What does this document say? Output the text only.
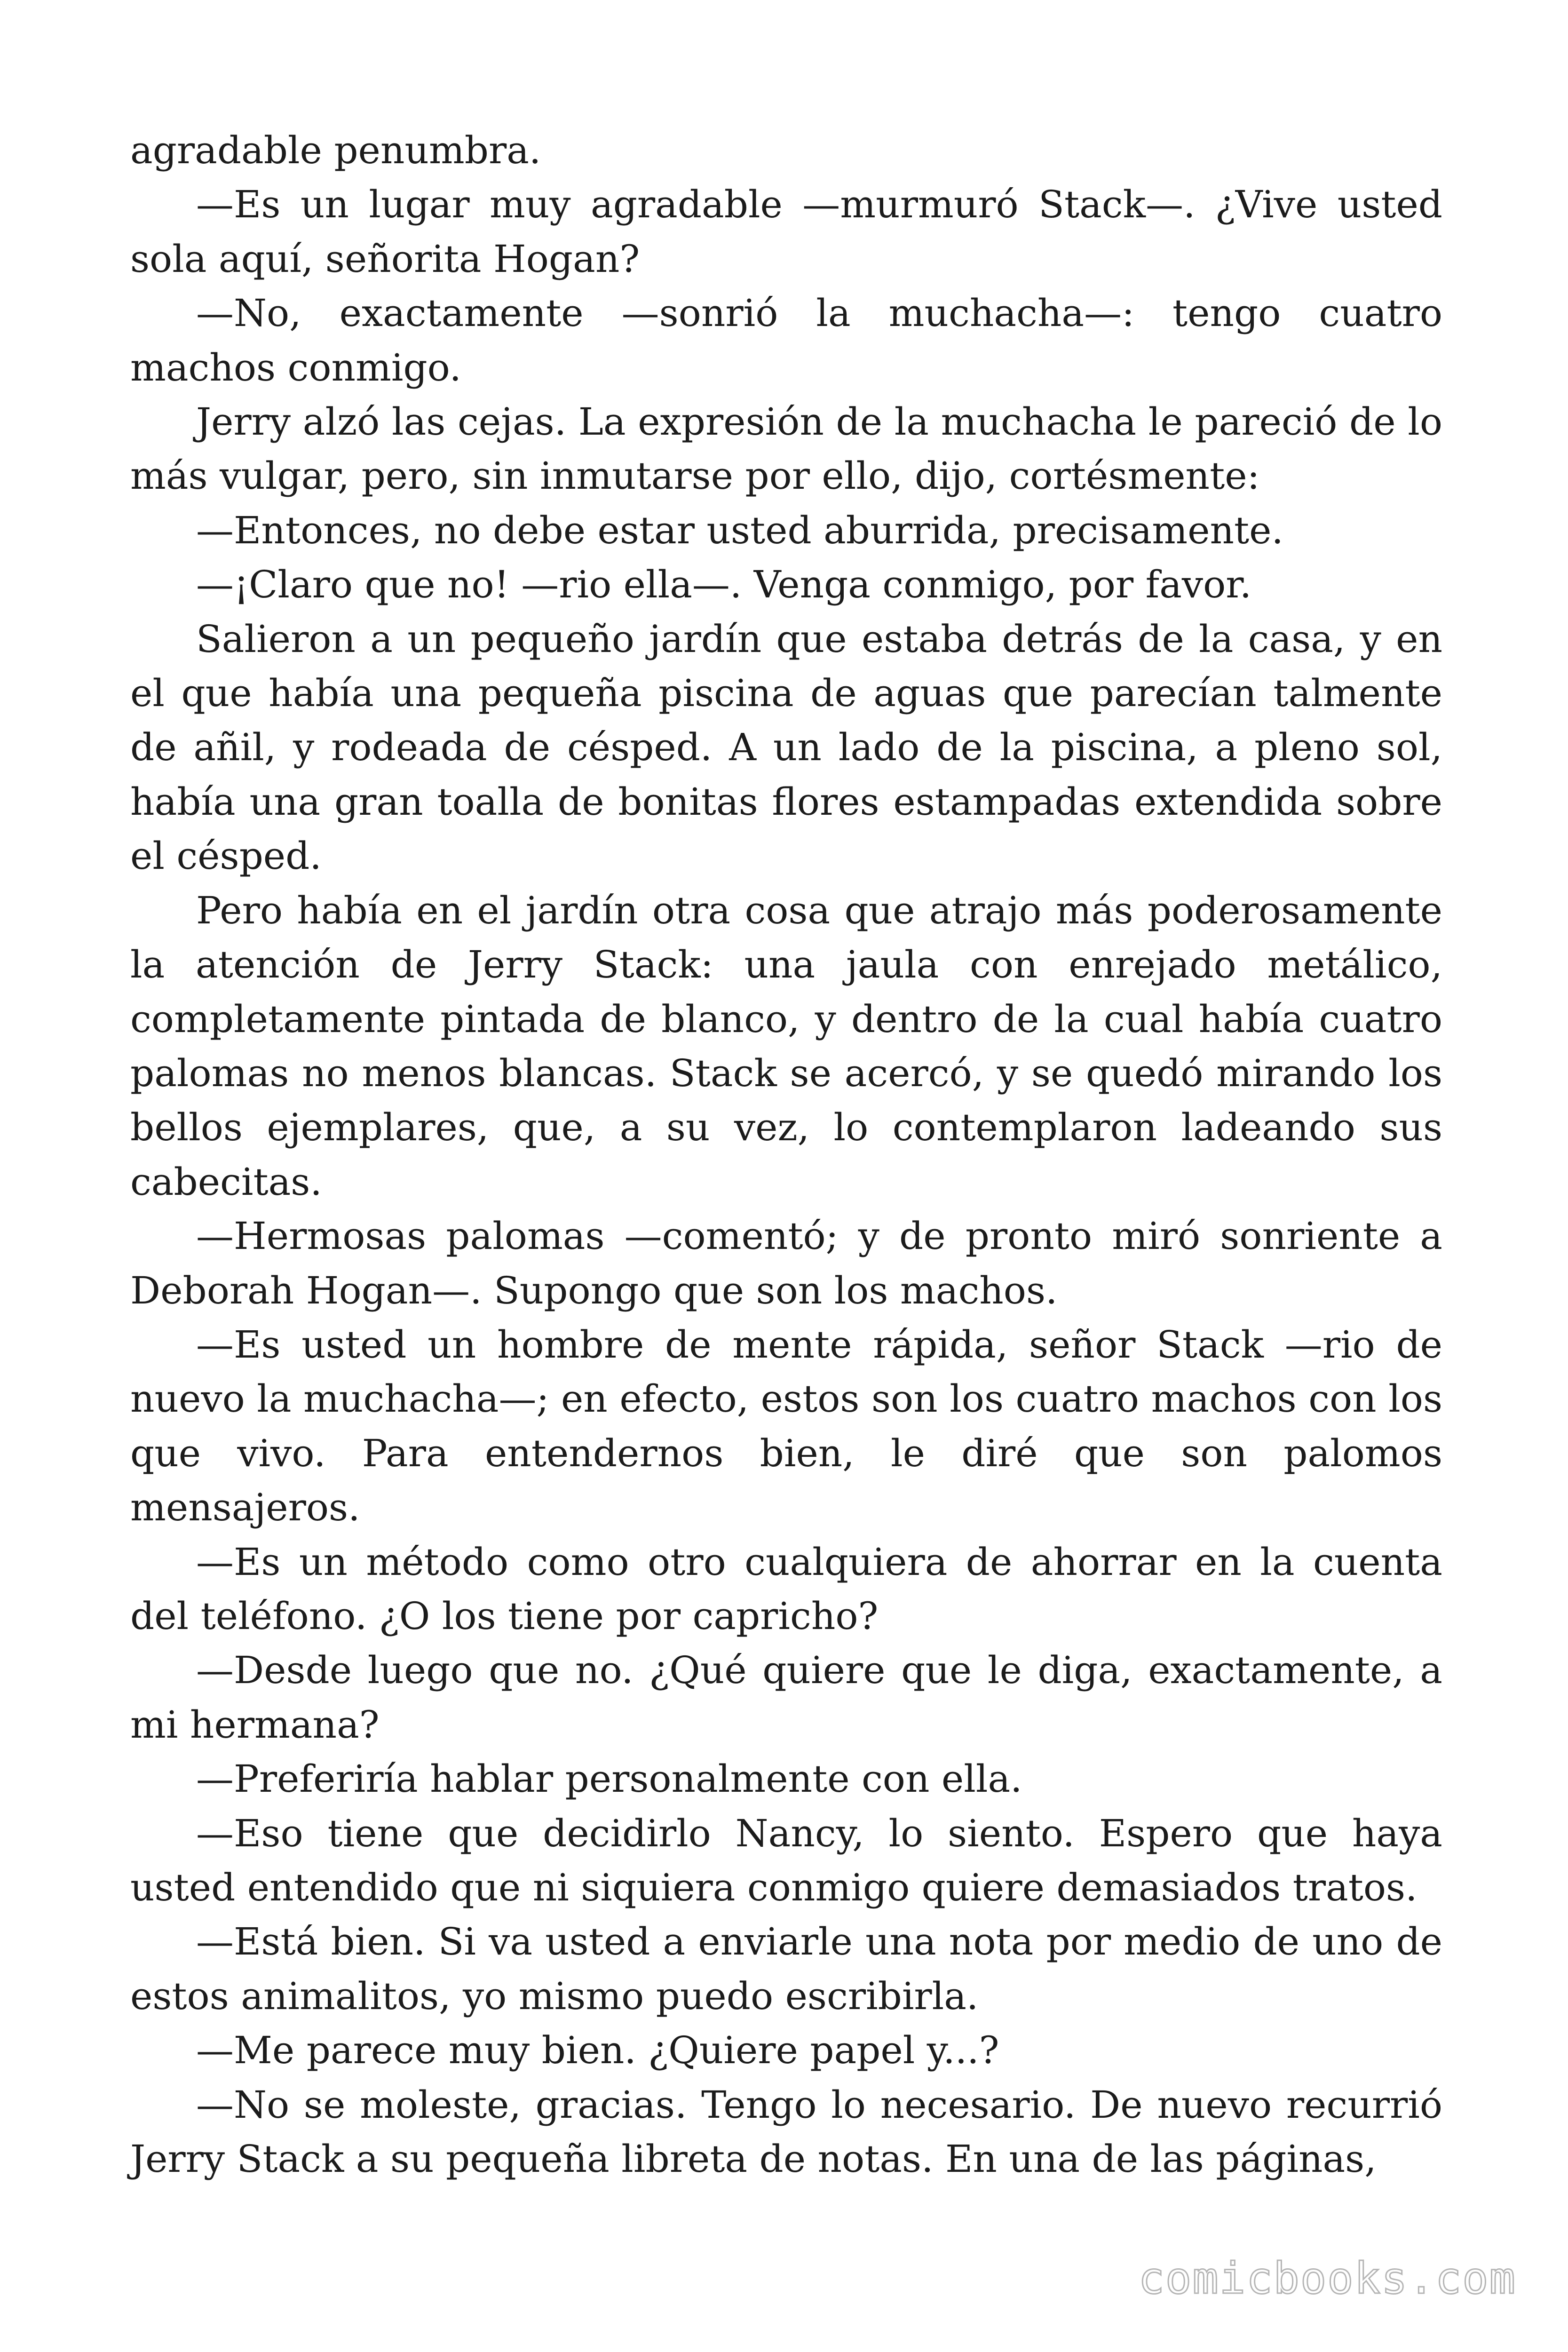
agradable penumbra.

—Es un lugar muy agradable —murmuró Stack—. ¿Vive usted sola aquí, señorita Hogan?

—No, exactamente —sonrió la muchacha—: tengo cuatro machos conmigo.

Jerry alzó las cejas. La expresión de la muchacha le pareció de lo más vulgar, pero, sin inmutarse por ello, dijo, cortésmente:

—Entonces, no debe estar usted aburrida, precisamente.

—¡Claro que no! —rio ella—. Venga conmigo, por favor.

Salieron a un pequeño jardín que estaba detrás de la casa, y en el que había una pequeña piscina de aguas que parecían talmente de añil, y rodeada de césped. A un lado de la piscina, a pleno sol, había una gran toalla de bonitas flores estampadas extendida sobre el césped.

Pero había en el jardín otra cosa que atrajo más poderosamente la atención de Jerry Stack: una jaula con enrejado metálico, completamente pintada de blanco, y dentro de la cual había cuatro palomas no menos blancas. Stack se acercó, y se quedó mirando los bellos ejemplares, que, a su vez, lo contemplaron ladeando sus cabecitas.

—Hermosas palomas —comentó; y de pronto miró sonriente a Deborah Hogan—. Supongo que son los machos.

—Es usted un hombre de mente rápida, señor Stack —rio de nuevo la muchacha—; en efecto, estos son los cuatro machos con los que vivo. Para entendernos bien, le diré que son palomos mensajeros.

—Es un método como otro cualquiera de ahorrar en la cuenta del teléfono. ¿O los tiene por capricho?

—Desde luego que no. ¿Qué quiere que le diga, exactamente, a mi hermana?

—Preferiría hablar personalmente con ella.

—Eso tiene que decidirlo Nancy, lo siento. Espero que haya usted entendido que ni siquiera conmigo quiere demasiados tratos.

—Está bien. Si va usted a enviarle una nota por medio de uno de estos animalitos, yo mismo puedo escribirla.

—Me parece muy bien. ¿Quiere papel y...?

—No se moleste, gracias. Tengo lo necesario. De nuevo recurrió Jerry Stack a su pequeña libreta de notas. En una de las páginas,

comicbooks.com
